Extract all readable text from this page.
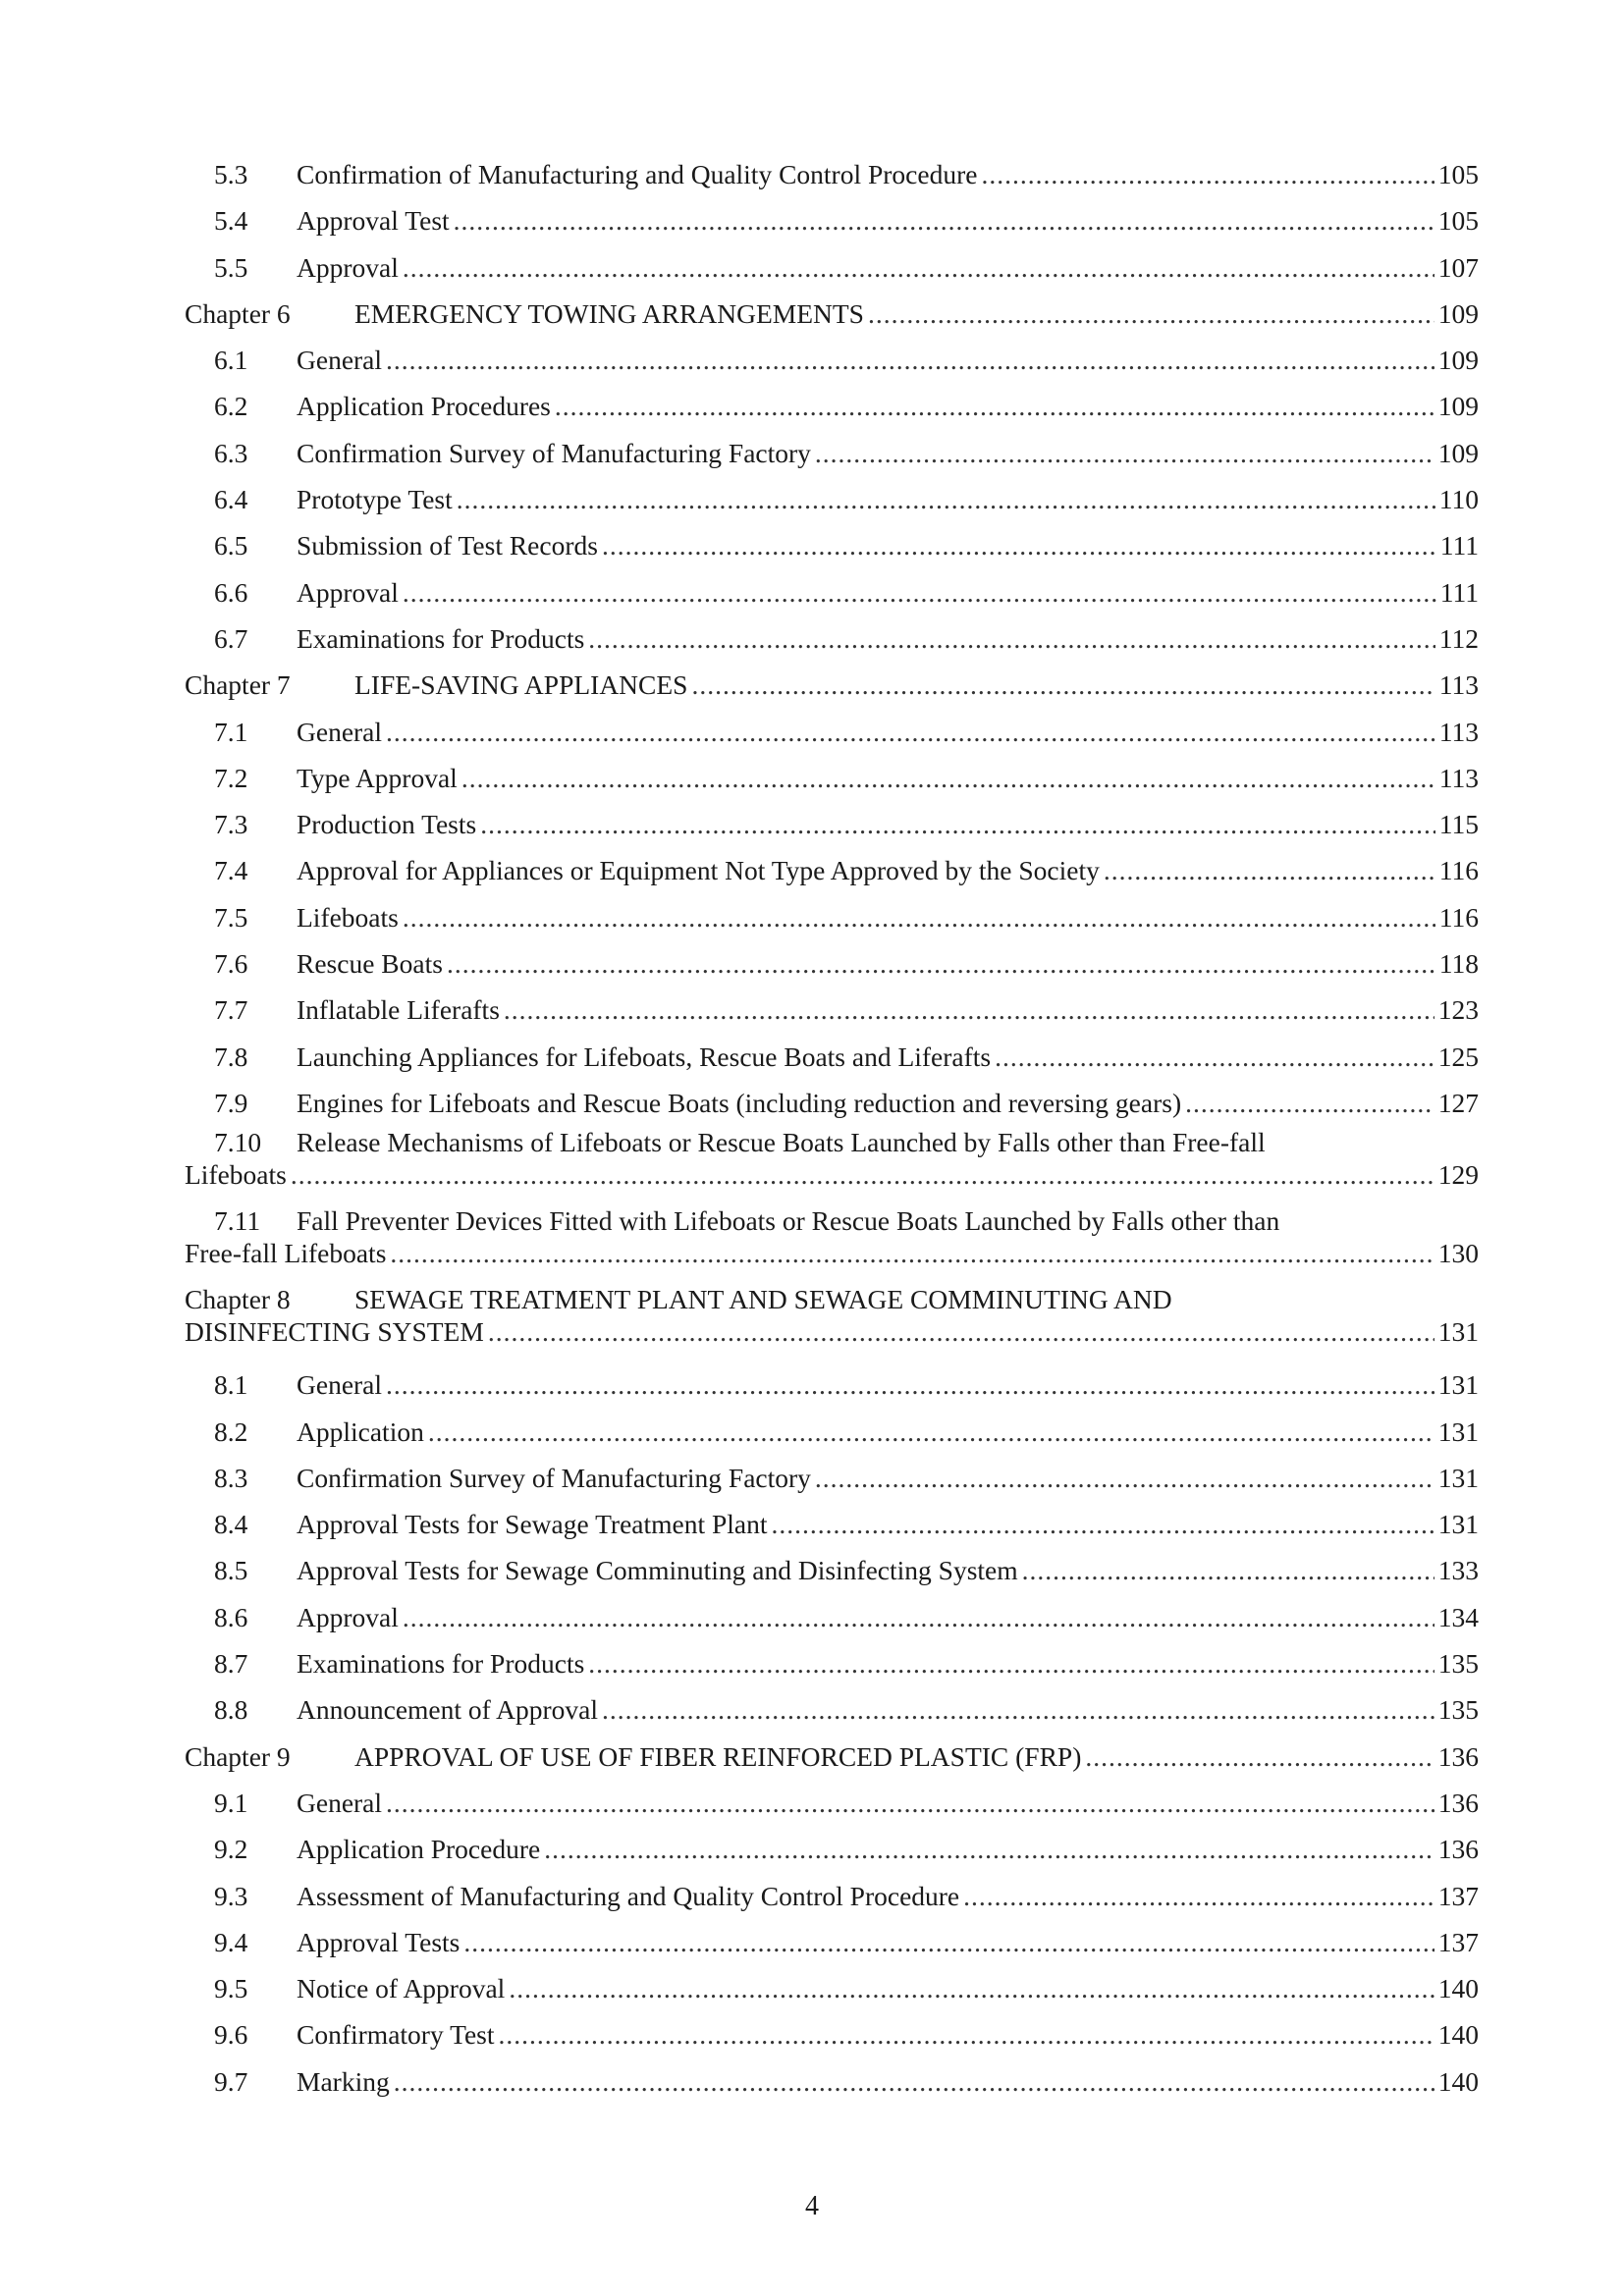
5.3	Confirmation of Manufacturing and Quality Control Procedure .....	105
5.4	Approval Test .....	105
5.5	Approval .....	107
Chapter 6	EMERGENCY TOWING ARRANGEMENTS .....	109
6.1	General .....	109
6.2	Application Procedures .....	109
6.3	Confirmation Survey of Manufacturing Factory .....	109
6.4	Prototype Test .....	110
6.5	Submission of Test Records .....	111
6.6	Approval .....	111
6.7	Examinations for Products .....	112
Chapter 7	LIFE-SAVING APPLIANCES .....	113
7.1	General .....	113
7.2	Type Approval .....	113
7.3	Production Tests .....	115
7.4	Approval for Appliances or Equipment Not Type Approved by the Society .....	116
7.5	Lifeboats .....	116
7.6	Rescue Boats .....	118
7.7	Inflatable Liferafts .....	123
7.8	Launching Appliances for Lifeboats, Rescue Boats and Liferafts .....	125
7.9	Engines for Lifeboats and Rescue Boats (including reduction and reversing gears) .....	127
7.10 Release Mechanisms of Lifeboats or Rescue Boats Launched by Falls other than Free-fall
Lifeboats .....	129
7.11 Fall Preventer Devices Fitted with Lifeboats or Rescue Boats Launched by Falls other than
Free-fall Lifeboats .....	130
Chapter 8 SEWAGE TREATMENT PLANT AND SEWAGE COMMINUTING AND
DISINFECTING SYSTEM .....	131
8.1	General .....	131
8.2	Application .....	131
8.3	Confirmation Survey of Manufacturing Factory .....	131
8.4	Approval Tests for Sewage Treatment Plant .....	131
8.5	Approval Tests for Sewage Comminuting and Disinfecting System .....	133
8.6	Approval .....	134
8.7	Examinations for Products .....	135
8.8	Announcement of Approval .....	135
Chapter 9	APPROVAL OF USE OF FIBER REINFORCED PLASTIC (FRP) .....	136
9.1	General .....	136
9.2	Application Procedure .....	136
9.3	Assessment of Manufacturing and Quality Control Procedure .....	137
9.4	Approval Tests .....	137
9.5	Notice of Approval .....	140
9.6	Confirmatory Test .....	140
9.7	Marking .....	140
4
